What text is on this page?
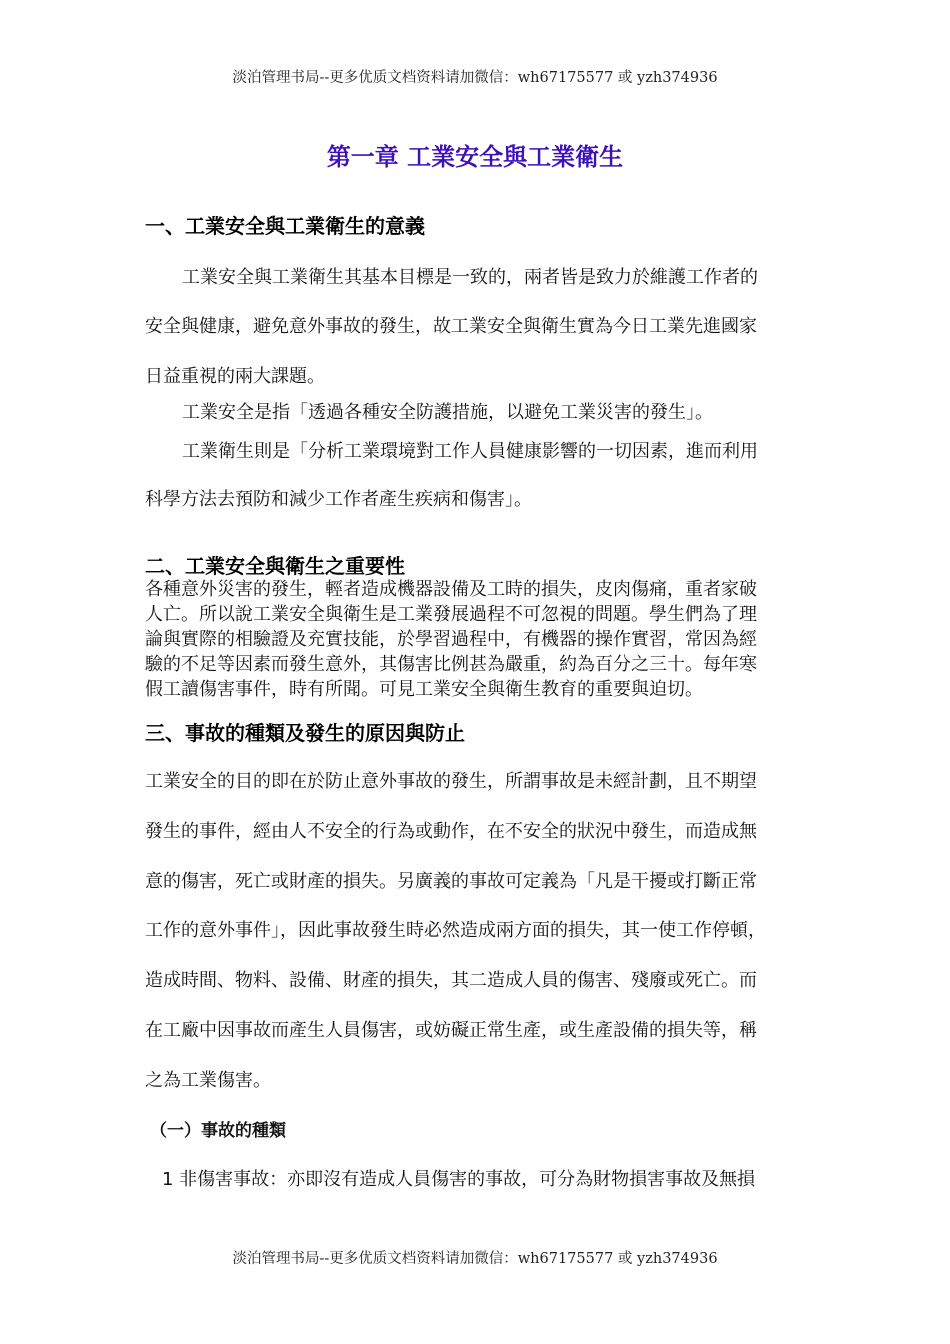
淡泊管理书局--更多优质文档资料请加微信：wh67175577 或 yzh374936
第一章 工業安全與工業衛生
一、工業安全與工業衛生的意義
工業安全與工業衛生其基本目標是一致的，兩者皆是致力於維護工作者的
安全與健康，避免意外事故的發生，故工業安全與衛生實為今日工業先進國家
日益重視的兩大課題。
工業安全是指「透過各種安全防護措施，以避免工業災害的發生」。
工業衛生則是「分析工業環境對工作人員健康影響的一切因素，進而利用
科學方法去預防和減少工作者產生疾病和傷害」。
二、工業安全與衛生之重要性
各種意外災害的發生，輕者造成機器設備及工時的損失，皮肉傷痛，重者家破
人亡。所以說工業安全與衛生是工業發展過程不可忽視的問題。學生們為了理
論與實際的相驗證及充實技能，於學習過程中，有機器的操作實習，常因為經
驗的不足等因素而發生意外，其傷害比例甚為嚴重，約為百分之三十。每年寒
假工讀傷害事件，時有所聞。可見工業安全與衛生教育的重要與迫切。
三、事故的種類及發生的原因與防止
工業安全的目的即在於防止意外事故的發生，所謂事故是未經計劃，且不期望
發生的事件，經由人不安全的行為或動作，在不安全的狀況中發生，而造成無
意的傷害，死亡或財產的損失。另廣義的事故可定義為「凡是干擾或打斷正常
工作的意外事件」，因此事故發生時必然造成兩方面的損失，其一使工作停頓，
造成時間、物料、設備、財產的損失，其二造成人員的傷害、殘廢或死亡。而
在工廠中因事故而產生人員傷害，或妨礙正常生產，或生產設備的損失等，稱
之為工業傷害。
（一）事故的種類
1 非傷害事故：亦即沒有造成人員傷害的事故，可分為財物損害事故及無損
淡泊管理书局--更多优质文档资料请加微信：wh67175577 或 yzh374936
